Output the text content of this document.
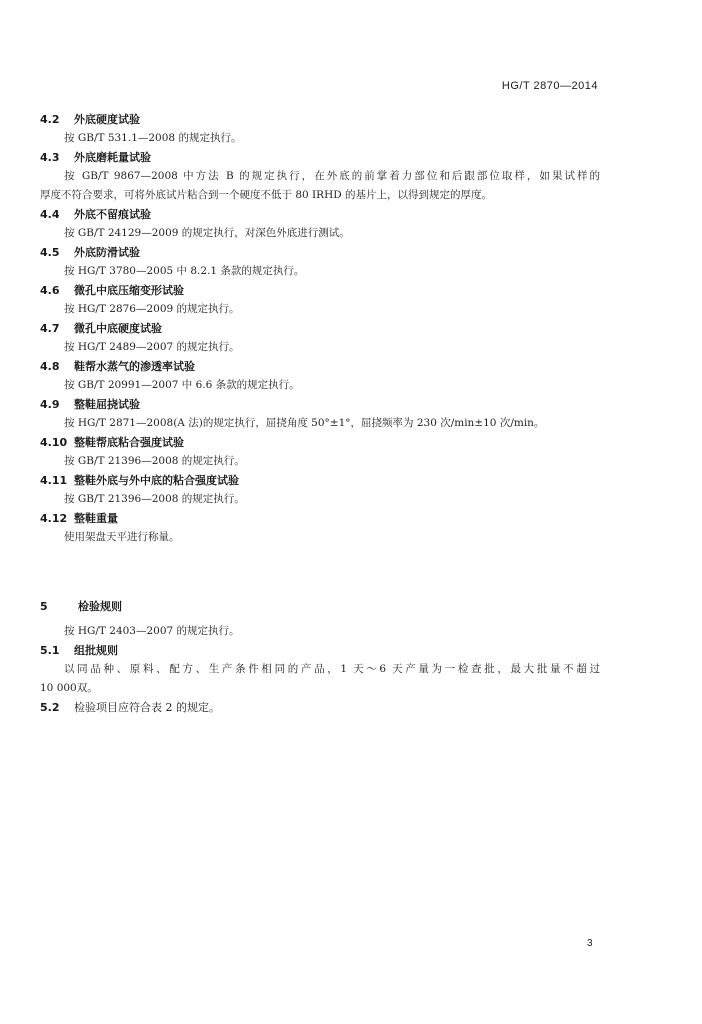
HG/T 2870—2014
4.2 外底硬度试验
按 GB/T 531.1—2008 的规定执行。
4.3 外底磨耗量试验
按 GB/T 9867—2008 中方法 B 的规定执行，在外底的前掌着力部位和后跟部位取样，如果试样的
厚度不符合要求，可将外底试片粘合到一个硬度不低于 80 IRHD 的基片上，以得到规定的厚度。
4.4 外底不留痕试验
按 GB/T 24129—2009 的规定执行，对深色外底进行测试。
4.5 外底防滑试验
按 HG/T 3780—2005 中 8.2.1 条款的规定执行。
4.6 微孔中底压缩变形试验
按 HG/T 2876—2009 的规定执行。
4.7 微孔中底硬度试验
按 HG/T 2489—2007 的规定执行。
4.8 鞋帮水蒸气的渗透率试验
按 GB/T 20991—2007 中 6.6 条款的规定执行。
4.9 整鞋屈挠试验
按 HG/T 2871—2008(A 法)的规定执行，屈挠角度 50°±1°，屈挠频率为 230 次/min±10 次/min。
4.10 整鞋帮底粘合强度试验
按 GB/T 21396—2008 的规定执行。
4.11 整鞋外底与外中底的粘合强度试验
按 GB/T 21396—2008 的规定执行。
4.12 整鞋重量
使用架盘天平进行称量。
5	检验规则
按 HG/T 2403—2007 的规定执行。
5.1 组批规则
以同品种、原料、配方、生产条件相同的产品，1 天～6 天产量为一检查批，最大批量不超过
10 000双。
5.2 检验项目应符合表 2 的规定。
3
